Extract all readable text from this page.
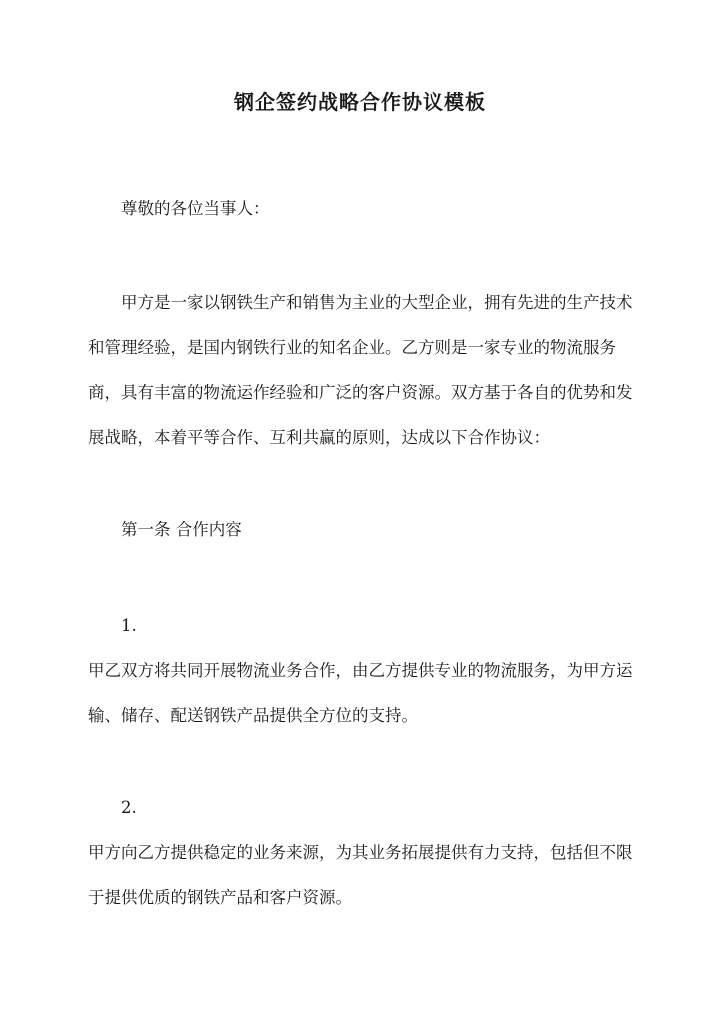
钢企签约战略合作协议模板

尊敬的各位当事人：

甲方是一家以钢铁生产和销售为主业的大型企业，拥有先进的生产技术和管理经验，是国内钢铁行业的知名企业。乙方则是一家专业的物流服务商，具有丰富的物流运作经验和广泛的客户资源。双方基于各自的优势和发展战略，本着平等合作、互利共赢的原则，达成以下合作协议：

第一条 合作内容

1.

甲乙双方将共同开展物流业务合作，由乙方提供专业的物流服务，为甲方运输、储存、配送钢铁产品提供全方位的支持。

2.

甲方向乙方提供稳定的业务来源，为其业务拓展提供有力支持，包括但不限于提供优质的钢铁产品和客户资源。
